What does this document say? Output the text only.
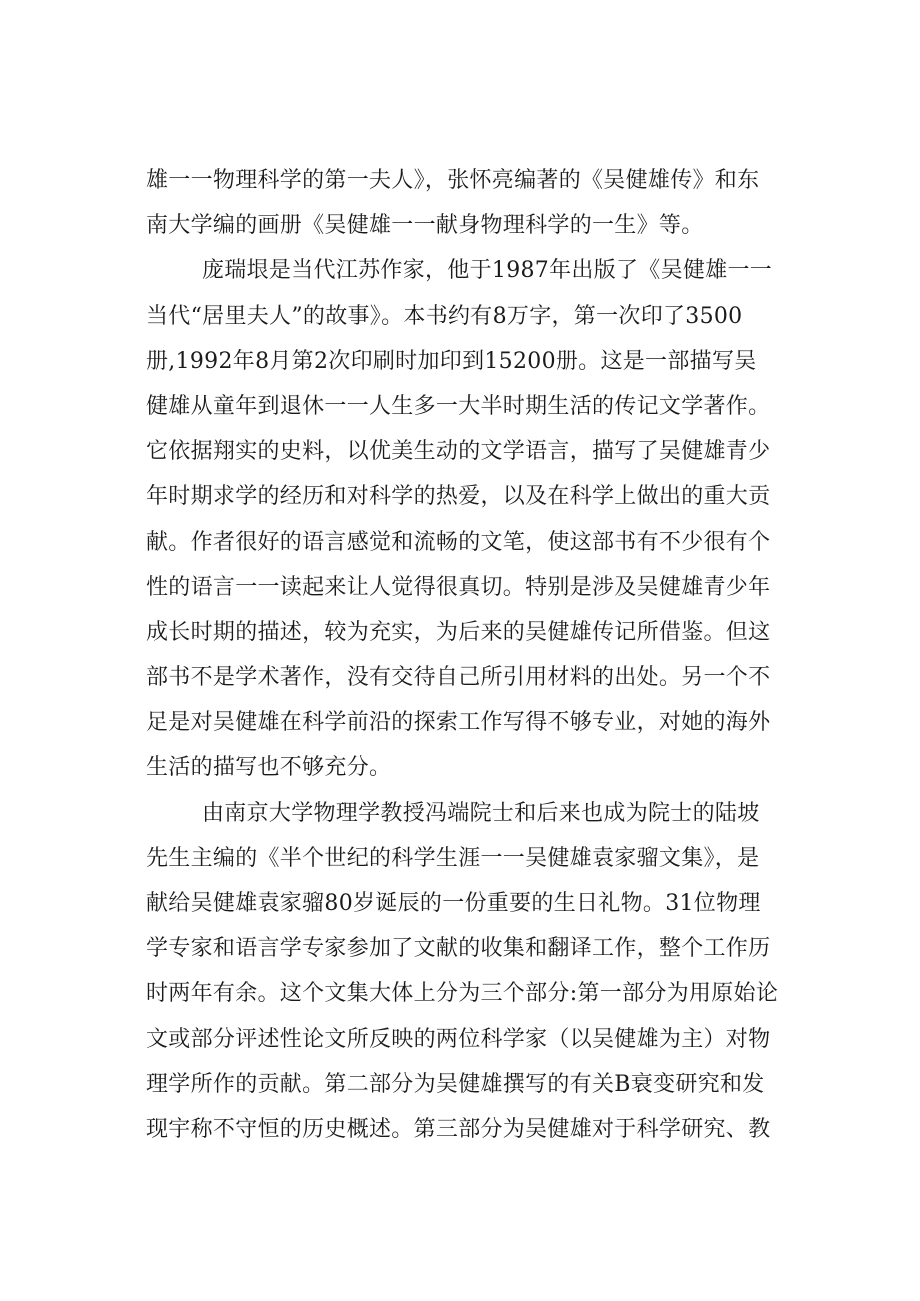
雄一一物理科学的第一夫人》，张怀亮编著的《吴健雄传》和东
南大学编的画册《吴健雄一一献身物理科学的一生》等。
庞瑞垠是当代江苏作家，他于1987年出版了《吴健雄一一
当代“居里夫人”的故事》。本书约有8万字，第一次印了3500
册,1992年8月第2次印刷时加印到15200册。这是一部描写吴
健雄从童年到退休一一人生多一大半时期生活的传记文学著作。
它依据翔实的史料，以优美生动的文学语言，描写了吴健雄青少
年时期求学的经历和对科学的热爱，以及在科学上做出的重大贡
献。作者很好的语言感觉和流畅的文笔，使这部书有不少很有个
性的语言一一读起来让人觉得很真切。特别是涉及吴健雄青少年
成长时期的描述，较为充实，为后来的吴健雄传记所借鉴。但这
部书不是学术著作，没有交待自己所引用材料的出处。另一个不
足是对吴健雄在科学前沿的探索工作写得不够专业，对她的海外
生活的描写也不够充分。
由南京大学物理学教授冯端院士和后来也成为院士的陆坡
先生主编的《半个世纪的科学生涯一一吴健雄袁家骝文集》，是
献给吴健雄袁家骝80岁诞辰的一份重要的生日礼物。31位物理
学专家和语言学专家参加了文献的收集和翻译工作，整个工作历
时两年有余。这个文集大体上分为三个部分:第一部分为用原始论
文或部分评述性论文所反映的两位科学家（以吴健雄为主）对物
理学所作的贡献。第二部分为吴健雄撰写的有关B衰变研究和发
现宇称不守恒的历史概述。第三部分为吴健雄对于科学研究、教
